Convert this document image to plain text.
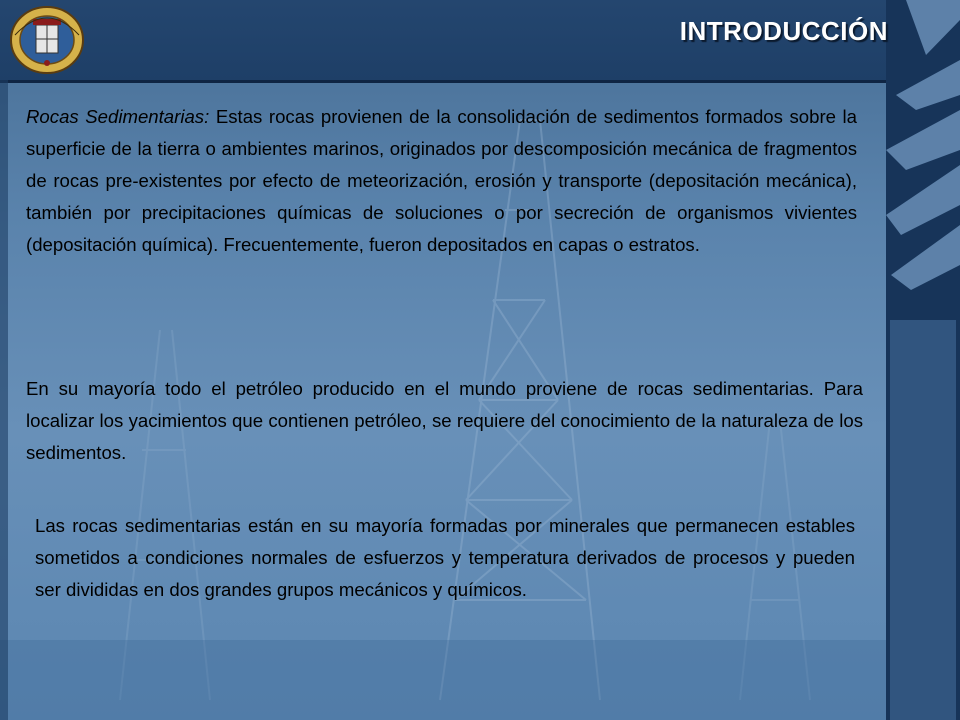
INTRODUCCIÓN

Rocas Sedimentarias: Estas rocas provienen de la consolidación de sedimentos formados sobre la superficie de la tierra o ambientes marinos, originados por descomposición mecánica de fragmentos de rocas pre-existentes por efecto de meteorización, erosión y transporte (depositación mecánica), también por precipitaciones químicas de soluciones o por secreción de organismos vivientes (depositación química). Frecuentemente, fueron depositados en capas o estratos.

En su mayoría todo el petróleo producido en el mundo proviene de rocas sedimentarias. Para localizar los yacimientos que contienen petróleo, se requiere del conocimiento de la naturaleza de los sedimentos.

Las rocas sedimentarias están en su mayoría formadas por minerales que permanecen estables sometidos a condiciones normales de esfuerzos y temperatura derivados de procesos y pueden ser divididas en dos grandes grupos mecánicos y químicos.
